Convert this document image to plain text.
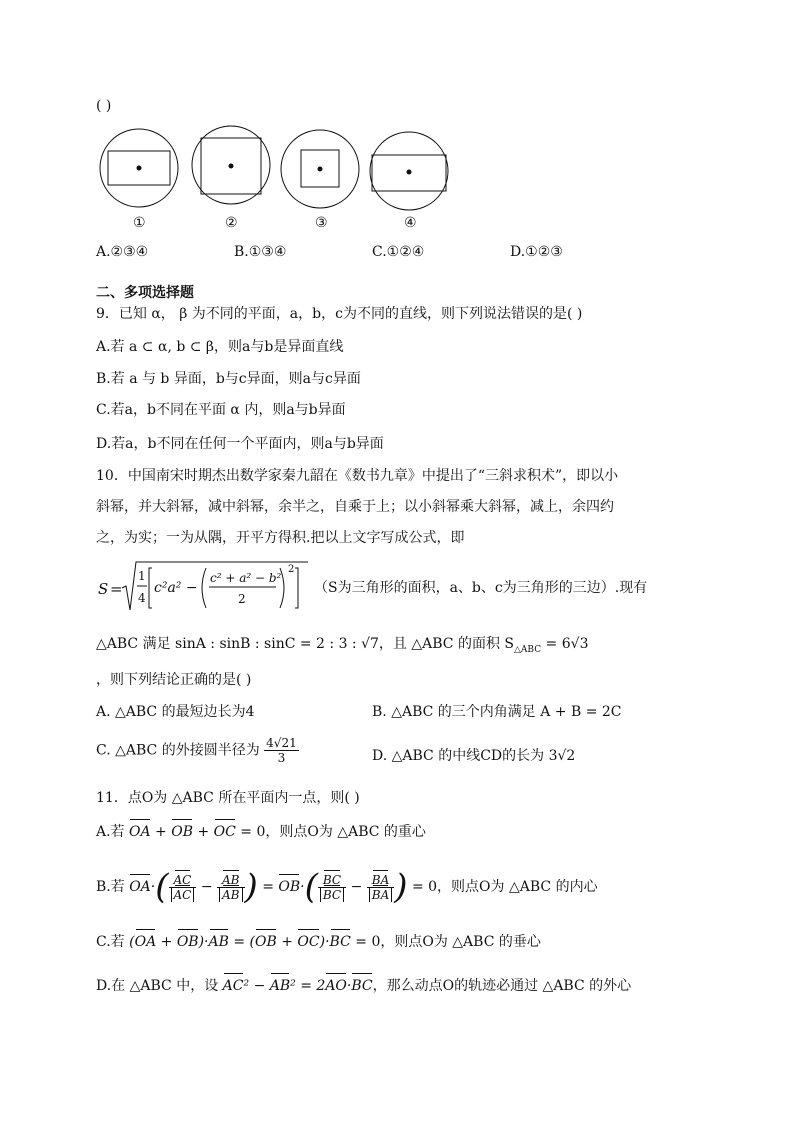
( )
①	②	③	④
A.②③④	B.①③④	C.①②④	D.①②③
二、多项选择题
9．已知 α， β 为不同的平面，a，b，c为不同的直线，则下列说法错误的是( )
A.若 a ⊂ α, b ⊂ β，则a与b是异面直线
B.若 a 与 b 异面，b与c异面，则a与c异面
C.若a，b不同在平面 α 内，则a与b异面
D.若a，b不同在任何一个平面内，则a与b异面
10．中国南宋时期杰出数学家秦九韶在《数书九章》中提出了“三斜求积术”，即以小
斜幂，并大斜幂，减中斜幂，余半之，自乘于上；以小斜幂乘大斜幂，减上，余四约
之，为实；一为从隅，开平方得积.把以上文字写成公式，即
S =
1
4
c²a² −
c² + a² − b²
2
2
（S为三角形的面积，a、b、c为三角形的三边）.现有
△ABC 满足 sinA : sinB : sinC = 2 : 3 : √7，且 △ABC 的面积 $S_{\triangle ABC} = 6√3$
，则下列结论正确的是( )
A. △ABC 的最短边长为4	B. △ABC 的三个内角满足 A + B = 2C
C. △ABC 的外接圆半径为 $\frac{4√21}{3}$	D. △ABC 的中线CD的长为 3√2
11．点O为 △ABC 所在平面内一点，则( )
A.若 OA + OB + OC = 0，则点O为 △ABC 的重心
B.若 $OA\cdot( \frac{AC}{AC} - \frac{AB}{AB}$ ) = $OB\cdot( \frac{BC}{BC} - \frac{BA}{BA}$ ) = 0，则点O为 △ABC 的内心
C.若 (OA + OB)·AB = (OB + OC)·BC = 0，则点O为 △ABC 的垂心
D.在 △ABC 中，设 AC² − AB² = 2AO·BC，那么动点O的轨迹必通过 △ABC 的外心
